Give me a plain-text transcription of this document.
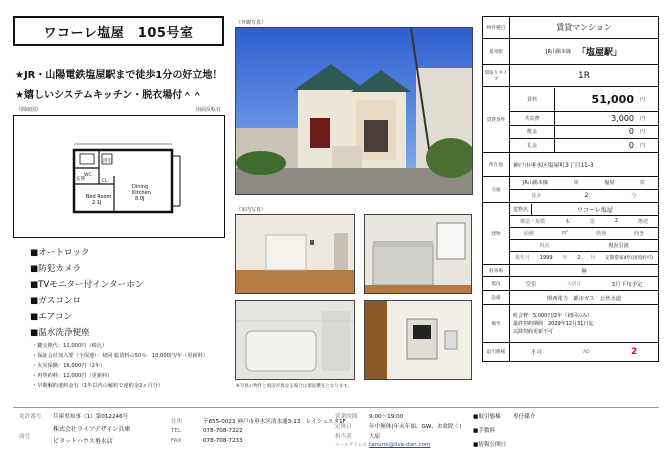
ワコーレ塩屋　105号室
★JR・山陽電鉄塩屋駅まで徒歩1分の好立地！
★嬉しいシステムキッチン・脱衣場付＾＾
《間取図》	図面反転有
WC
浴室
玄関	CL
Dining
Kitchen
8.0J
Bed Room
2.1J
■オートロック
■防犯カメラ
■TVモニター付インターホン
■ガスコンロ
■エアコン
■温水洗浄便座
・鍵交換代：11,000円（税込）
・保証会社加入要（全保連）：初回 総賃料の50％：10,000円/年（更新料）
・火災保険：16,000円（2年）
・再契約料：11,000円（更新料）
・早期解約違約金有（1年以内の解約で違約金2ヶ月分）
《外観写真》
《室内写真》
※写真の物件と現況が異なる場合は現況優先となります。
物件種目	賃貸マンション
最寄駅	JR山陽本線 「塩屋駅」
間取りタイプ	1R
賃貸条件
賃料	51,000	円
共益費	3,000	円
敷金	0	円
礼金	0	円
所在地	神戸市垂水区塩屋町3丁目11-3
交通
JR山陽本線	線	塩屋	駅
徒歩	2	分
建物
建物名	ワコーレ塩屋
構造・規模	木	造	2	階建
面積	m²	階層	向き
現況	現況引渡
築年月 1999 年 2 月 定期借家4年(再契約可)
駐車場	無
現況	空室	入居日	3月下旬予定
設備	関西電力　都市ガス　公営水道
備考
町会費：5,000円/2年（初回のみ）
最終契約期間　2029年12月31日迄
以降契約更新不可
取引態様	不可	AD	2
免許番号 兵庫県知事（1）第012246号
商号
株式会社ライフデザイン兵庫
ピタットハウス垂水店
住所	〒655-0023 神戸市垂水区清水通3-13　レイシェスタ1F
TEL	078-708-7222
FAX	078-708-7233
営業時間 9:00～19:00
定休日	年中無休(年末年始、GW、お盆除く)
担当者	大原
メールアドレス tanumi@live-dan.com
■取引態様 専任媒介
■手数料
■情報公開日
